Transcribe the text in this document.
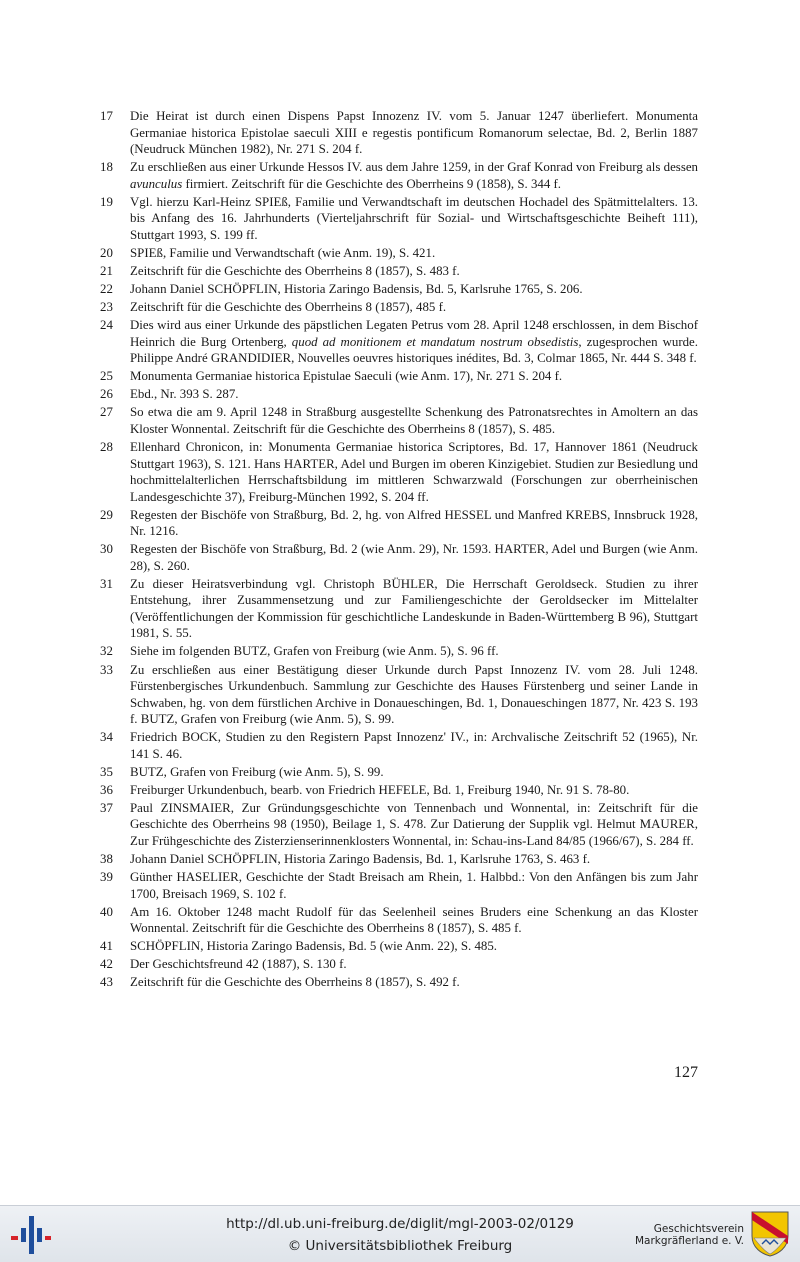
17	Die Heirat ist durch einen Dispens Papst Innozenz IV. vom 5. Januar 1247 überliefert. Monumenta Germaniae historica Epistolae saeculi XIII e regestis pontificum Romanorum selectae, Bd. 2, Berlin 1887 (Neudruck München 1982), Nr. 271 S. 204 f.
18	Zu erschließen aus einer Urkunde Hessos IV. aus dem Jahre 1259, in der Graf Konrad von Freiburg als dessen avunculus firmiert. Zeitschrift für die Geschichte des Oberrheins 9 (1858), S. 344 f.
19	Vgl. hierzu Karl-Heinz SPIEß, Familie und Verwandtschaft im deutschen Hochadel des Spätmittelalters. 13. bis Anfang des 16. Jahrhunderts (Vierteljahrschrift für Sozial- und Wirtschaftsgeschichte Beiheft 111), Stuttgart 1993, S. 199 ff.
20	SPIEß, Familie und Verwandtschaft (wie Anm. 19), S. 421.
21	Zeitschrift für die Geschichte des Oberrheins 8 (1857), S. 483 f.
22	Johann Daniel SCHÖPFLIN, Historia Zaringo Badensis, Bd. 5, Karlsruhe 1765, S. 206.
23	Zeitschrift für die Geschichte des Oberrheins 8 (1857), 485 f.
24	Dies wird aus einer Urkunde des päpstlichen Legaten Petrus vom 28. April 1248 erschlossen, in dem Bischof Heinrich die Burg Ortenberg, quod ad monitionem et mandatum nostrum obsedistis, zugesprochen wurde. Philippe André GRANDIDIER, Nouvelles oeuvres historiques inédites, Bd. 3, Colmar 1865, Nr. 444 S. 348 f.
25	Monumenta Germaniae historica Epistulae Saeculi (wie Anm. 17), Nr. 271 S. 204 f.
26	Ebd., Nr. 393 S. 287.
27	So etwa die am 9. April 1248 in Straßburg ausgestellte Schenkung des Patronatsrechtes in Amoltern an das Kloster Wonnental. Zeitschrift für die Geschichte des Oberrheins 8 (1857), S. 485.
28	Ellenhard Chronicon, in: Monumenta Germaniae historica Scriptores, Bd. 17, Hannover 1861 (Neudruck Stuttgart 1963), S. 121. Hans HARTER, Adel und Burgen im oberen Kinzigebiet. Studien zur Besiedlung und hochmittelalterlichen Herrschaftsbildung im mittleren Schwarzwald (Forschungen zur oberrheinischen Landesgeschichte 37), Freiburg-München 1992, S. 204 ff.
29	Regesten der Bischöfe von Straßburg, Bd. 2, hg. von Alfred HESSEL und Manfred KREBS, Innsbruck 1928, Nr. 1216.
30	Regesten der Bischöfe von Straßburg, Bd. 2 (wie Anm. 29), Nr. 1593. HARTER, Adel und Burgen (wie Anm. 28), S. 260.
31	Zu dieser Heiratsverbindung vgl. Christoph BÜHLER, Die Herrschaft Geroldseck. Studien zu ihrer Entstehung, ihrer Zusammensetzung und zur Familiengeschichte der Geroldsecker im Mittelalter (Veröffentlichungen der Kommission für geschichtliche Landeskunde in Baden-Württemberg B 96), Stuttgart 1981, S. 55.
32	Siehe im folgenden BUTZ, Grafen von Freiburg (wie Anm. 5), S. 96 ff.
33	Zu erschließen aus einer Bestätigung dieser Urkunde durch Papst Innozenz IV. vom 28. Juli 1248. Fürstenbergisches Urkundenbuch. Sammlung zur Geschichte des Hauses Fürstenberg und seiner Lande in Schwaben, hg. von dem fürstlichen Archive in Donaueschingen, Bd. 1, Donaueschingen 1877, Nr. 423 S. 193 f. BUTZ, Grafen von Freiburg (wie Anm. 5), S. 99.
34	Friedrich BOCK, Studien zu den Registern Papst Innozenz' IV., in: Archvalische Zeitschrift 52 (1965), Nr. 141 S. 46.
35	BUTZ, Grafen von Freiburg (wie Anm. 5), S. 99.
36	Freiburger Urkundenbuch, bearb. von Friedrich HEFELE, Bd. 1, Freiburg 1940, Nr. 91 S. 78-80.
37	Paul ZINSMAIER, Zur Gründungsgeschichte von Tennenbach und Wonnental, in: Zeitschrift für die Geschichte des Oberrheins 98 (1950), Beilage 1, S. 478. Zur Datierung der Supplik vgl. Helmut MAURER, Zur Frühgeschichte des Zisterzienserinnenklosters Wonnental, in: Schau-ins-Land 84/85 (1966/67), S. 284 ff.
38	Johann Daniel SCHÖPFLIN, Historia Zaringo Badensis, Bd. 1, Karlsruhe 1763, S. 463 f.
39	Günther HASELIER, Geschichte der Stadt Breisach am Rhein, 1. Halbbd.: Von den Anfängen bis zum Jahr 1700, Breisach 1969, S. 102 f.
40	Am 16. Oktober 1248 macht Rudolf für das Seelenheil seines Bruders eine Schenkung an das Kloster Wonnental. Zeitschrift für die Geschichte des Oberrheins 8 (1857), S. 485 f.
41	SCHÖPFLIN, Historia Zaringo Badensis, Bd. 5 (wie Anm. 22), S. 485.
42	Der Geschichtsfreund 42 (1887), S. 130 f.
43	Zeitschrift für die Geschichte des Oberrheins 8 (1857), S. 492 f.
127
http://dl.ub.uni-freiburg.de/diglit/mgl-2003-02/0129
© Universitätsbibliothek Freiburg
Geschichtsverein
Markgräflerland e. V.
